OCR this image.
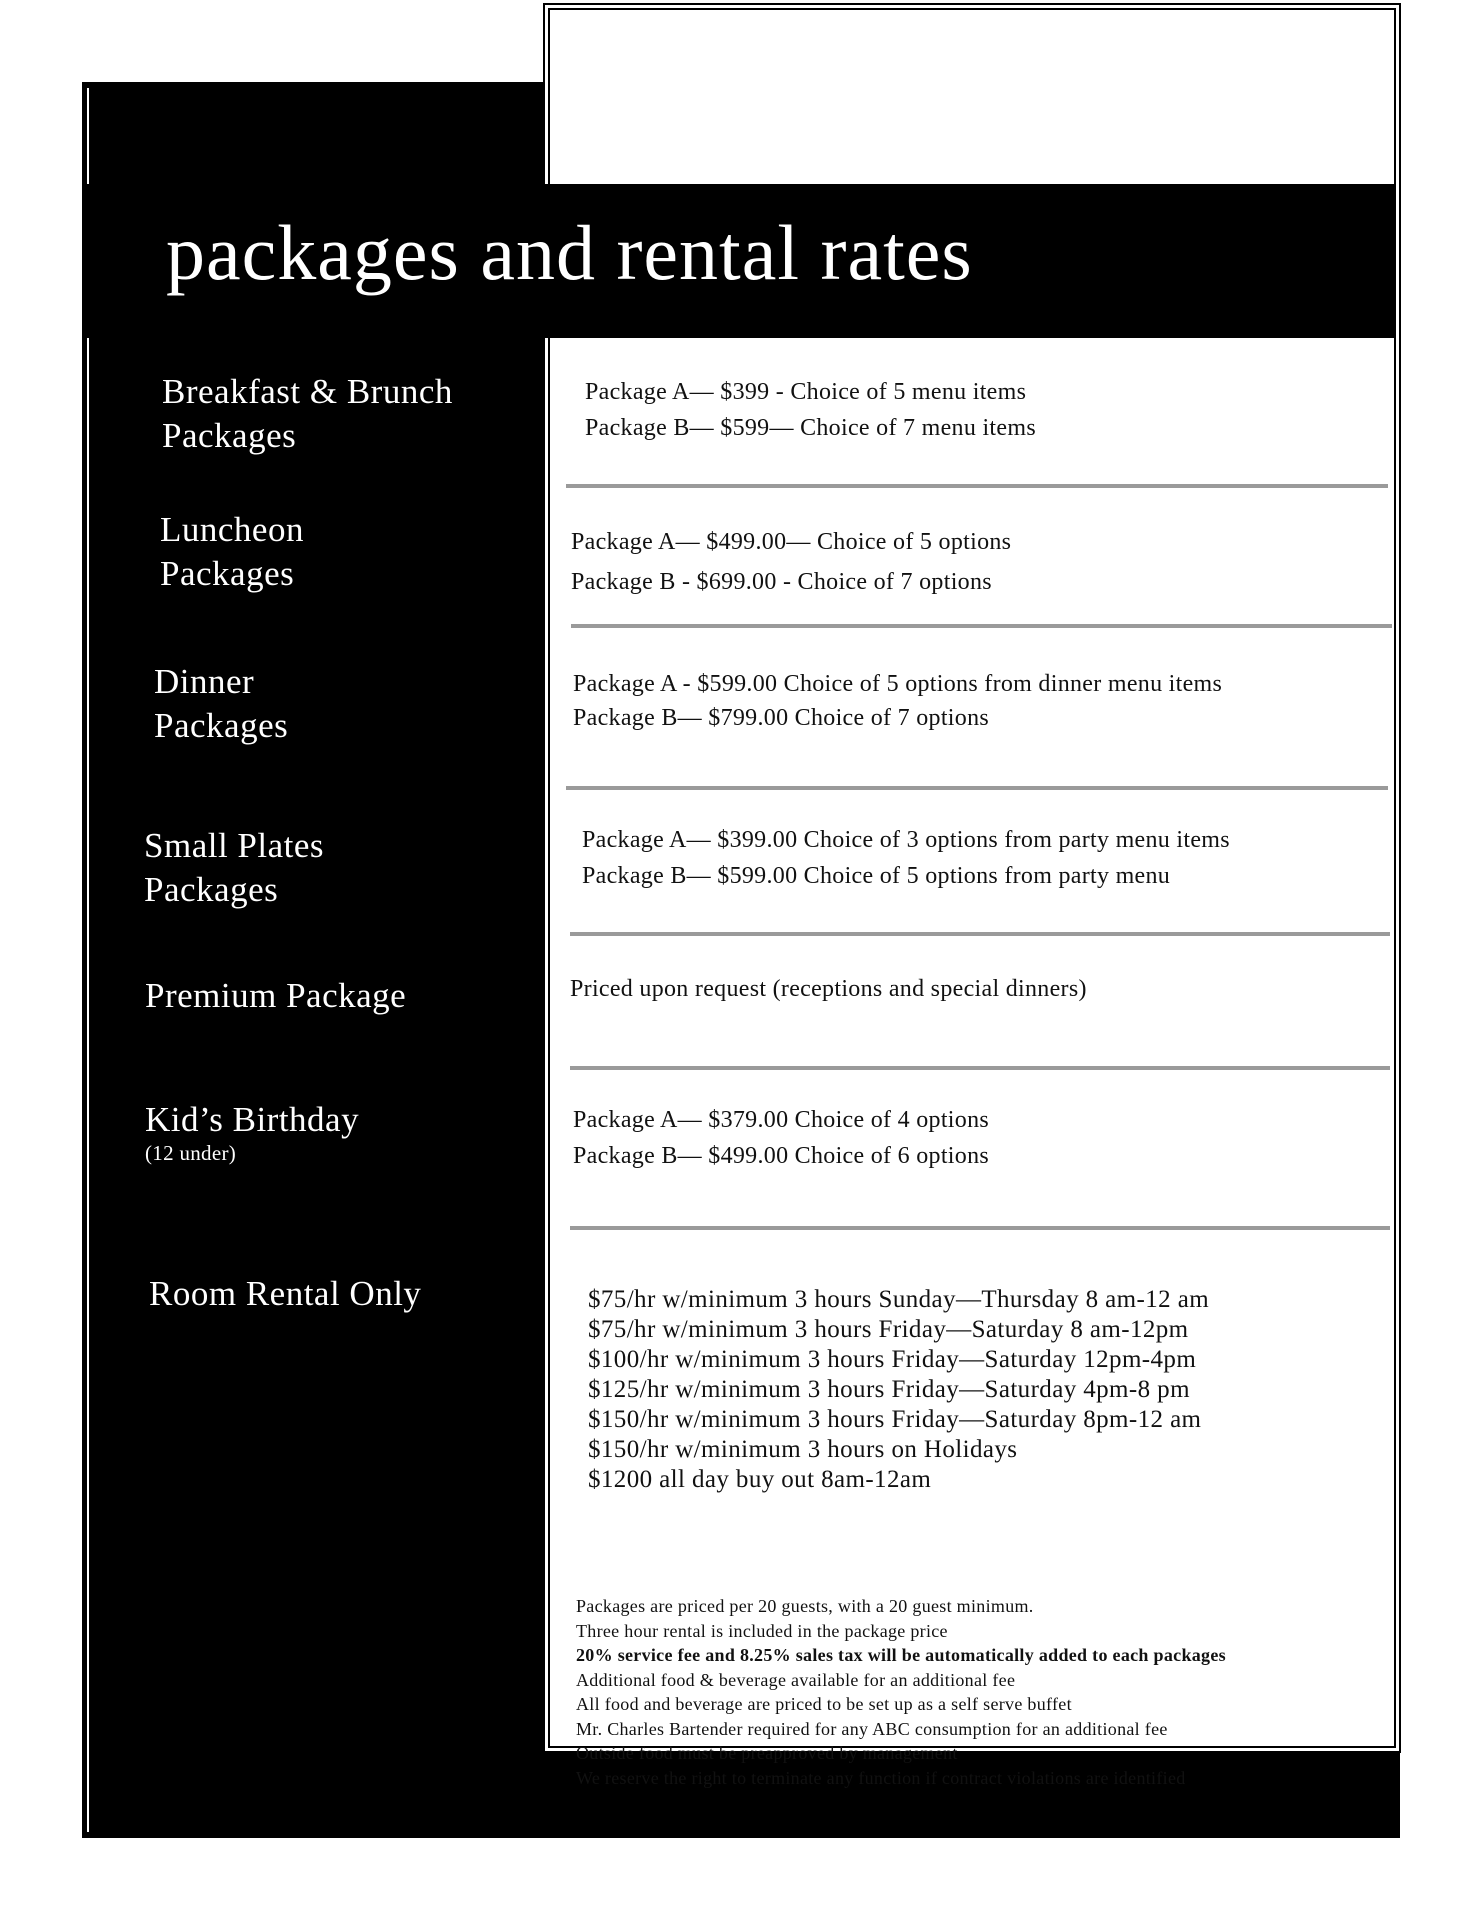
packages and rental rates
Breakfast & Brunch
Packages
Package A— $399 - Choice of 5 menu items
Package B— $599— Choice of 7 menu items
Luncheon
Packages
Package A— $499.00— Choice of 5 options
Package B - $699.00 - Choice of 7 options
Dinner
Packages
Package A - $599.00 Choice of 5 options from dinner menu items
Package B— $799.00 Choice of 7 options
Small Plates
Packages
Package A— $399.00 Choice of 3 options from party menu items
Package B— $599.00 Choice of 5 options from party menu
Premium Package	Priced upon request (receptions and special dinners)
Kid’s Birthday
(12 under)
Package A— $379.00 Choice of 4 options
Package B— $499.00 Choice of 6 options
Room Rental Only	$75/hr w/minimum 3 hours Sunday—Thursday 8 am-12 am
$75/hr w/minimum 3 hours Friday—Saturday 8 am-12pm
$100/hr w/minimum 3 hours Friday—Saturday 12pm-4pm
$125/hr w/minimum 3 hours Friday—Saturday 4pm-8 pm
$150/hr w/minimum 3 hours Friday—Saturday 8pm-12 am
$150/hr w/minimum 3 hours on Holidays
$1200 all day buy out 8am-12am
Packages are priced per 20 guests, with a 20 guest minimum.
Three hour rental is included in the package price
20% service fee and 8.25% sales tax will be automatically added to each packages
Additional food & beverage available for an additional fee
All food and beverage are priced to be set up as a self serve buffet
Mr. Charles Bartender required for any ABC consumption for an additional fee
Outside food must be preapproved by management
We reserve the right to terminate any function if contract violations are identified
